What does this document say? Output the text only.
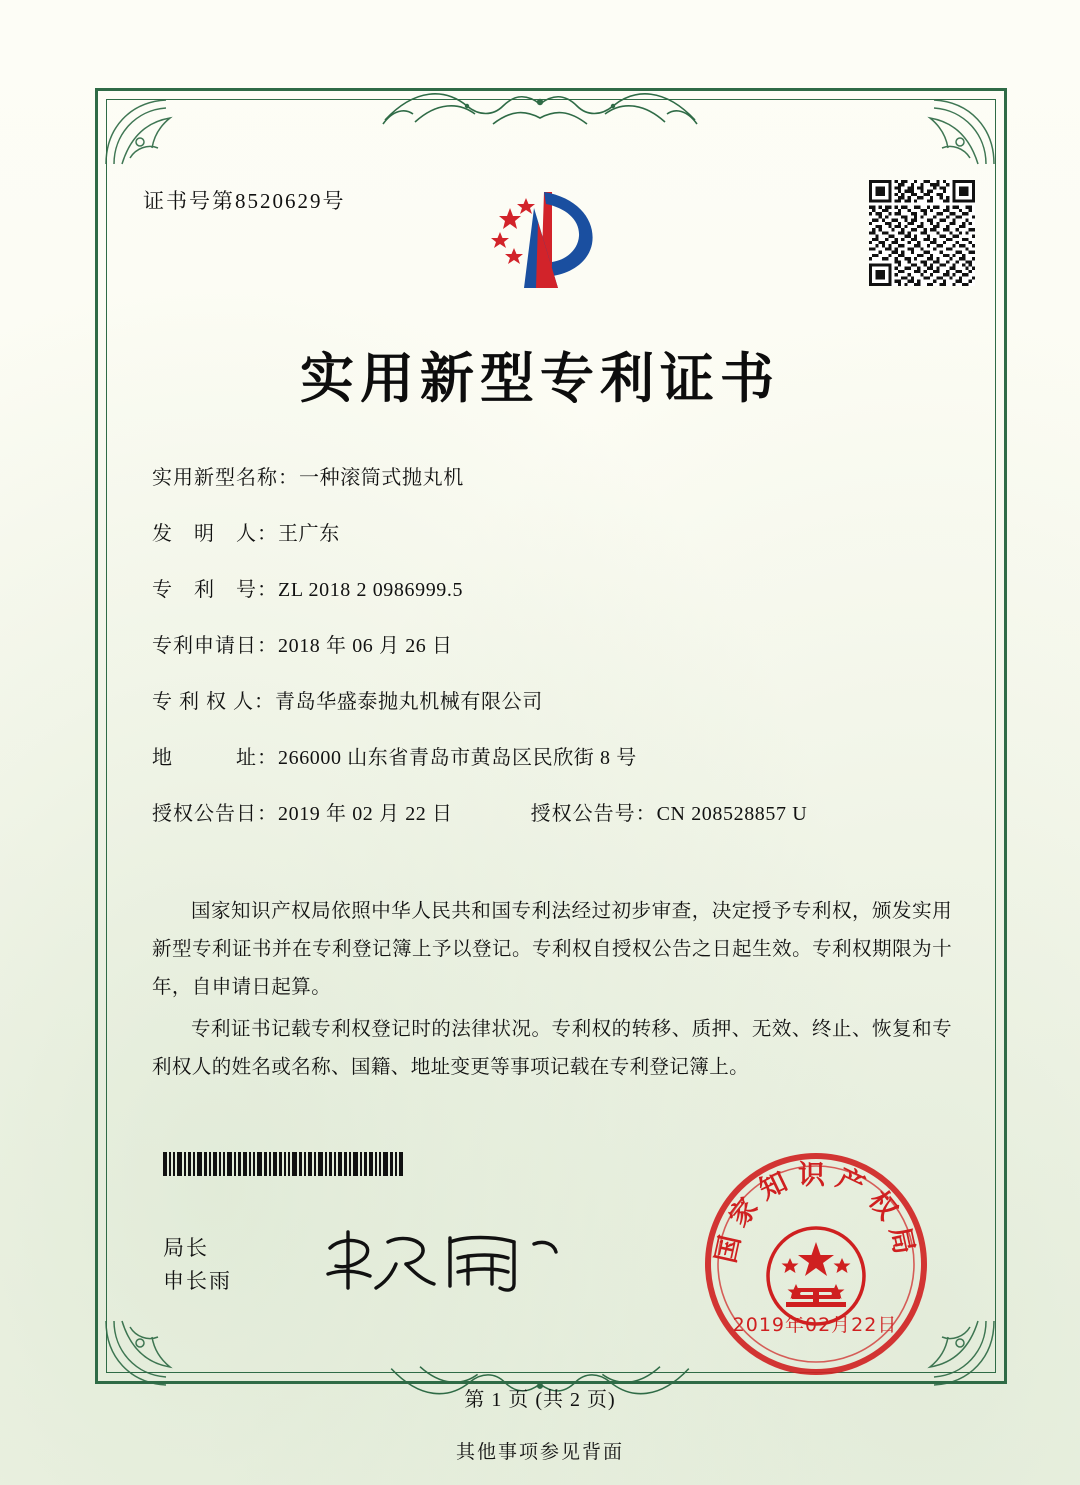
证书号第8520629号
实用新型专利证书
实用新型名称： 一种滚筒式抛丸机
发　明　人： 王广东
专　利　号： ZL 2018 2 0986999.5
专利申请日： 2018 年 06 月 26 日
专 利 权 人： 青岛华盛泰抛丸机械有限公司
地　　　址： 266000 山东省青岛市黄岛区民欣街 8 号
授权公告日： 2019 年 02 月 22 日	授权公告号： CN 208528857 U

国家知识产权局依照中华人民共和国专利法经过初步审查，决定授予专利权，颁发实用新型专利证书并在专利登记簿上予以登记。专利权自授权公告之日起生效。专利权期限为十年，自申请日起算。

专利证书记载专利权登记时的法律状况。专利权的转移、质押、无效、终止、恢复和专利权人的姓名或名称、国籍、地址变更等事项记载在专利登记簿上。

局长
申长雨
国家知识产权局
2019年02月22日
第 1 页 (共 2 页)
其他事项参见背面
